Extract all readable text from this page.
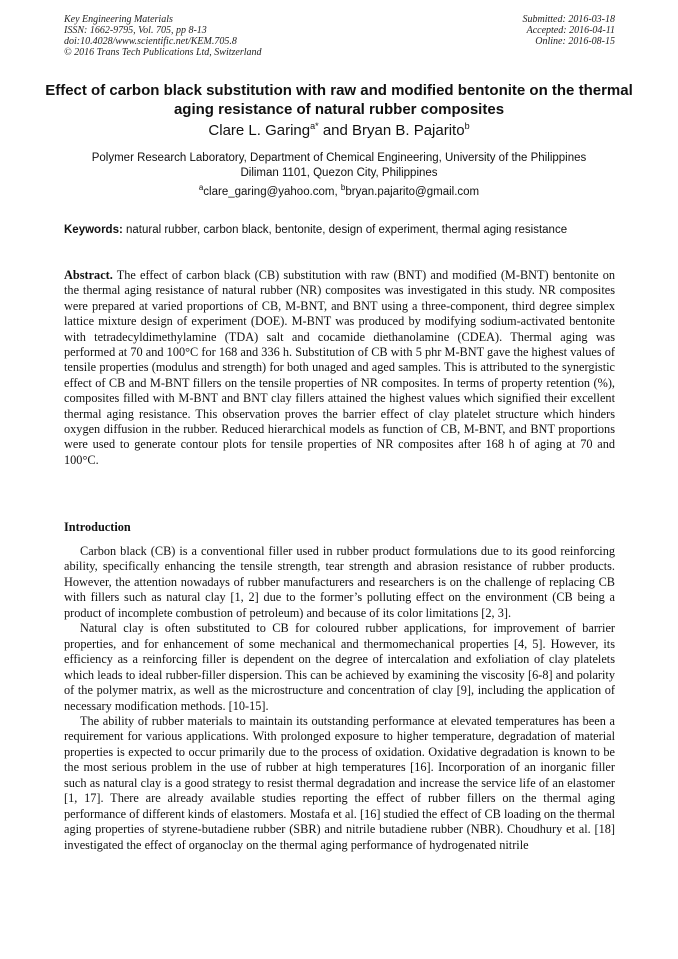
Key Engineering Materials
ISSN: 1662-9795, Vol. 705, pp 8-13
doi:10.4028/www.scientific.net/KEM.705.8
© 2016 Trans Tech Publications Ltd, Switzerland
Submitted: 2016-03-18
Accepted: 2016-04-11
Online: 2016-08-15
Effect of carbon black substitution with raw and modified bentonite on the thermal aging resistance of natural rubber composites
Clare L. Garing$^{a*}$ and Bryan B. Pajarito$^b$
Polymer Research Laboratory, Department of Chemical Engineering, University of the Philippines
Diliman 1101, Quezon City, Philippines
$^a$clare_garing@yahoo.com, $^b$bryan.pajarito@gmail.com
Keywords: natural rubber, carbon black, bentonite, design of experiment, thermal aging resistance

Abstract. The effect of carbon black (CB) substitution with raw (BNT) and modified (M-BNT) bentonite on the thermal aging resistance of natural rubber (NR) composites was investigated in this study. NR composites were prepared at varied proportions of CB, M-BNT, and BNT using a three-component, third degree simplex lattice mixture design of experiment (DOE). M-BNT was produced by modifying sodium-activated bentonite with tetradecyldimethylamine (TDA) salt and cocamide diethanolamine (CDEA). Thermal aging was performed at 70 and 100°C for 168 and 336 h. Substitution of CB with 5 phr M-BNT gave the highest values of tensile properties (modulus and strength) for both unaged and aged samples. This is attributed to the synergistic effect of CB and M-BNT fillers on the tensile properties of NR composites. In terms of property retention (%), composites filled with M-BNT and BNT clay fillers attained the highest values which signified their excellent thermal aging resistance. This observation proves the barrier effect of clay platelet structure which hinders oxygen diffusion in the rubber. Reduced hierarchical models as function of CB, M-BNT, and BNT proportions were used to generate contour plots for tensile properties of NR composites after 168 h of aging at 70 and 100°C.

Introduction

Carbon black (CB) is a conventional filler used in rubber product formulations due to its good reinforcing ability, specifically enhancing the tensile strength, tear strength and abrasion resistance of rubber products. However, the attention nowadays of rubber manufacturers and researchers is on the challenge of replacing CB with fillers such as natural clay [1, 2] due to the former’s polluting effect on the environment (CB being a product of incomplete combustion of petroleum) and because of its color limitations [2, 3].

Natural clay is often substituted to CB for coloured rubber applications, for improvement of barrier properties, and for enhancement of some mechanical and thermomechanical properties [4, 5]. However, its efficiency as a reinforcing filler is dependent on the degree of intercalation and exfoliation of clay platelets which leads to ideal rubber-filler dispersion. This can be achieved by examining the viscosity [6-8] and polarity of the polymer matrix, as well as the microstructure and concentration of clay [9], including the application of necessary modification methods. [10-15].

The ability of rubber materials to maintain its outstanding performance at elevated temperatures has been a requirement for various applications. With prolonged exposure to higher temperature, degradation of material properties is expected to occur primarily due to the process of oxidation. Oxidative degradation is known to be the most serious problem in the use of rubber at high temperatures [16]. Incorporation of an inorganic filler such as natural clay is a good strategy to resist thermal degradation and increase the service life of an elastomer [1, 17]. There are already available studies reporting the effect of rubber fillers on the thermal aging performance of different kinds of elastomers. Mostafa et al. [16] studied the effect of CB loading on the thermal aging properties of styrene-butadiene rubber (SBR) and nitrile butadiene rubber (NBR). Choudhury et al. [18] investigated the effect of organoclay on the thermal aging performance of hydrogenated nitrile
